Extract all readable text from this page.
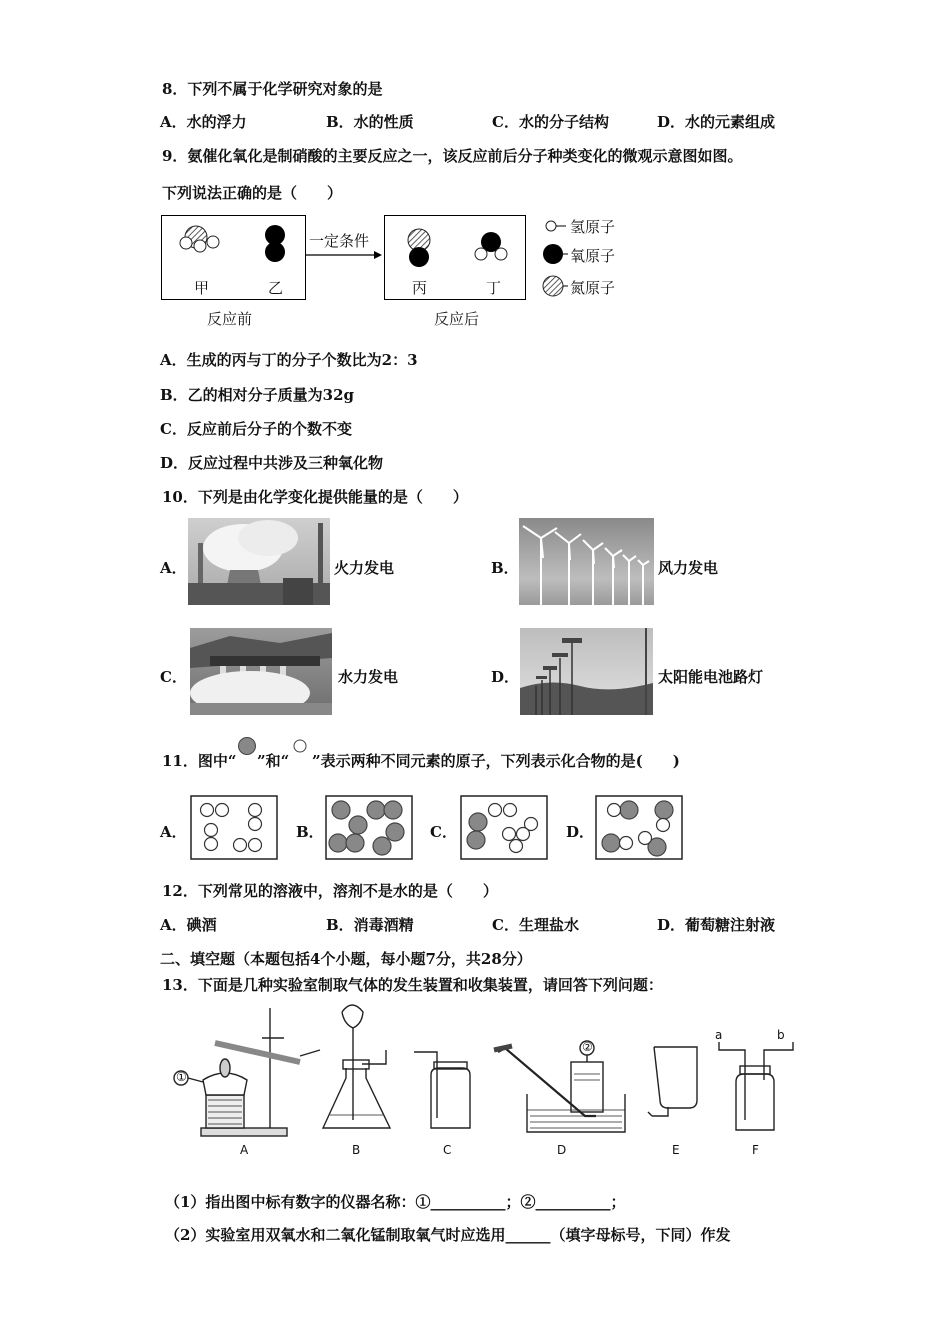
8．下列不属于化学研究对象的是
A．水的浮力	B．水的性质	C．水的分子结构	D．水的元素组成
9．氨催化氧化是制硝酸的主要反应之一，该反应前后分子种类变化的微观示意图如图。
下列说法正确的是（　　）
甲	乙	丙	丁
一定条件
反应前	反应后
氢原子
氧原子
氮原子
A．生成的丙与丁的分子个数比为2：3
B．乙的相对分子质量为32g
C．反应前后分子的个数不变
D．反应过程中共涉及三种氧化物
10．下列是由化学变化提供能量的是（　　）
A．	火力发电	B．	风力发电
C．	水力发电	D．	太阳能电池路灯
11．图中“ ”和“ ”表示两种不同元素的原子，下列表示化合物的是(　　)
A．	B．	C．	D．
12．下列常见的溶液中，溶剂不是水的是（　　）
A．碘酒	B．消毒酒精	C．生理盐水	D．葡萄糖注射液
二、填空题（本题包括4个小题，每小题7分，共28分）
13．下面是几种实验室制取气体的发生装置和收集装置，请回答下列问题：
①
②
a	b
A	B	C	D	E	F
（1）指出图中标有数字的仪器名称：①__________；②__________；
（2）实验室用双氧水和二氧化锰制取氧气时应选用______（填字母标号，下同）作发
